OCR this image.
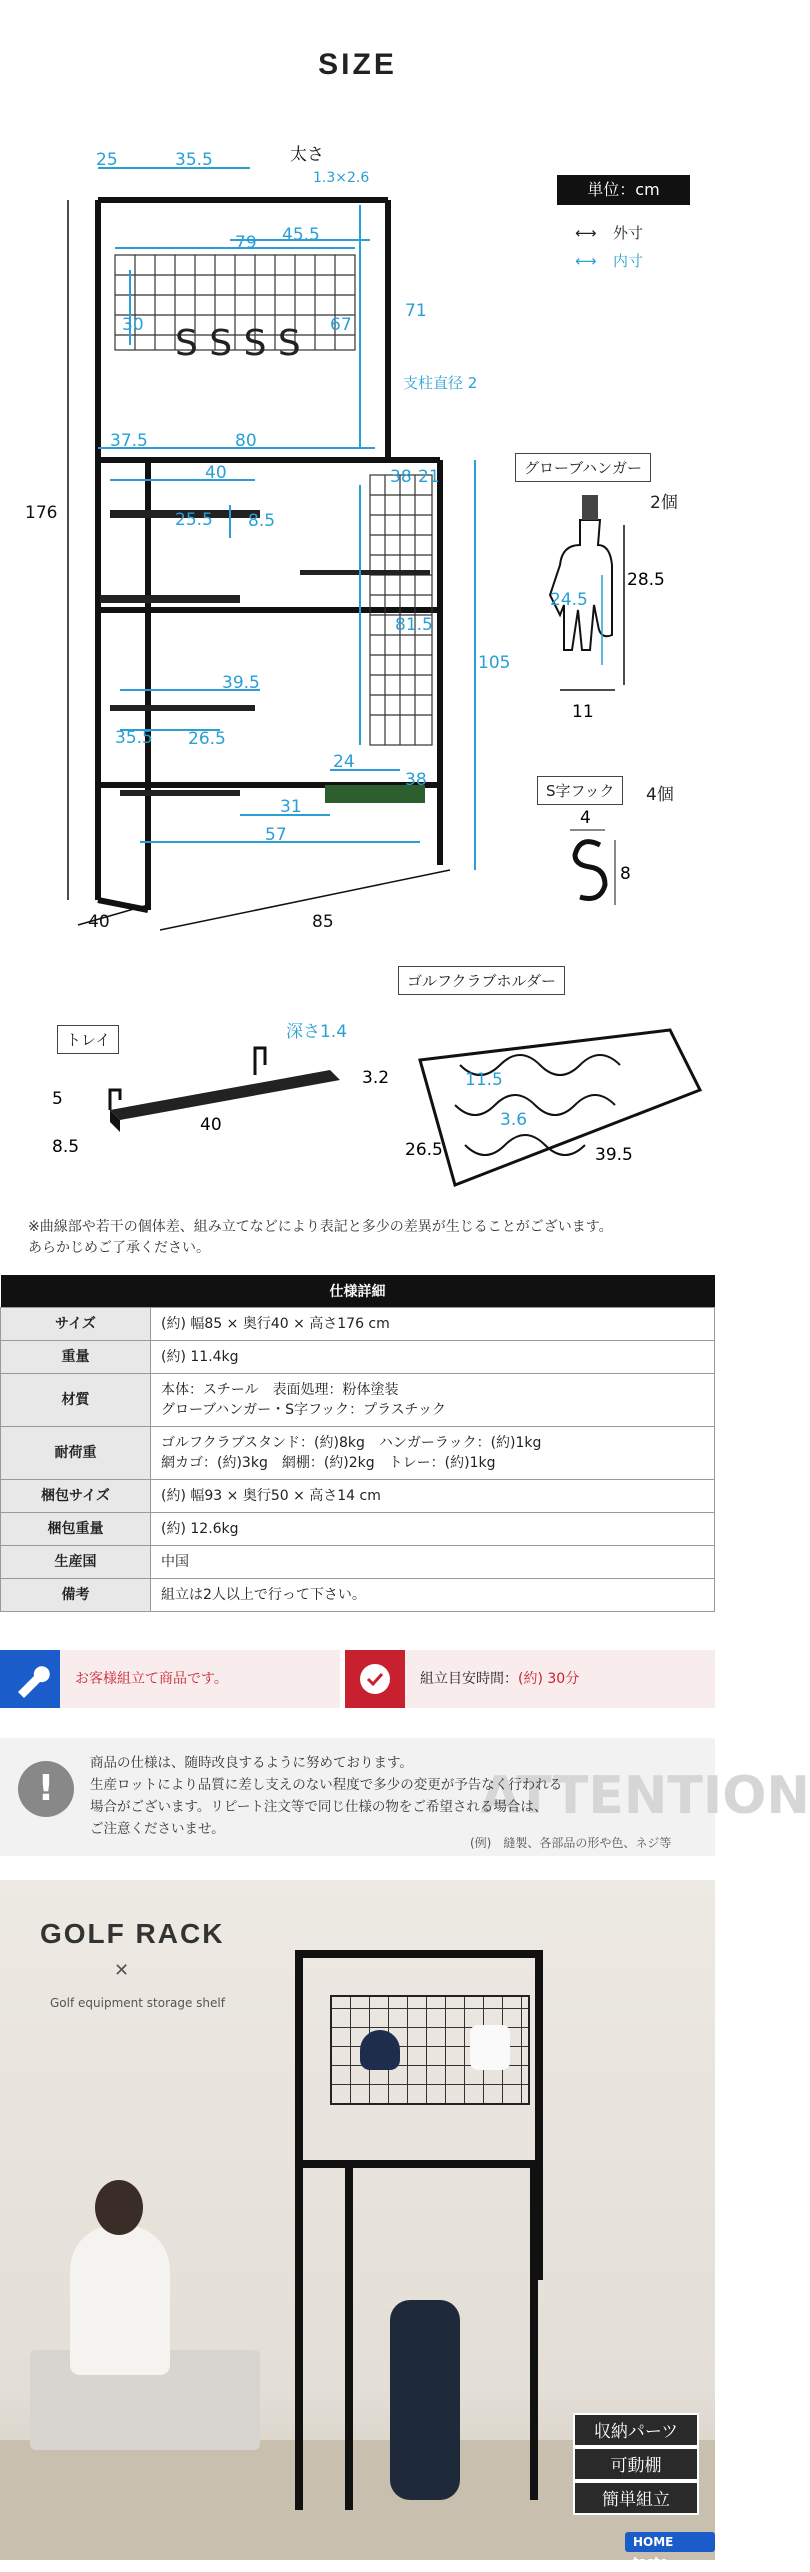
SIZE
単位：cm
⟷ 外寸
⟷ 内寸
S S S S
25	35.5
45.5
79
30	67
37.5	80
40
25.5 8.5
38 21
81.5
105
39.5
35.5 26.5
24
38
31
57
太さ
1.3×2.6
71
支柱直径 2
176
40	85
グローブハンガー
2個
28.5
24.5
11
S字フック	4個
4
8
トレイ	深さ1.4
5
8.5
40
ゴルフクラブホルダー
3.2	11.5
3.6
26.5	39.5
※曲線部や若干の個体差、組み立てなどにより表記と多少の差異が生じることがございます。
あらかじめご了承ください。
仕様詳細	
サイズ	(約) 幅85 × 奥行40 × 高さ176 cm
重量	(約) 11.4kg
材質	本体：スチール　表面処理：粉体塗装
グローブハンガー・S字フック：プラスチック
耐荷重	ゴルフクラブスタンド：(約)8kg　ハンガーラック：(約)1kg
網カゴ：(約)3kg　網棚：(約)2kg　トレー：(約)1kg
梱包サイズ	(約) 幅93 × 奥行50 × 高さ14 cm
梱包重量	(約) 12.6kg
生産国	中国
備考	組立は2人以上で行って下さい。
お客様組立て商品です。	組立目安時間：(約) 30分
!	ATTENTION
商品の仕様は、随時改良するように努めております。
生産ロットにより品質に差し支えのない程度で多少の変更が予告なく行われる
場合がございます。リピート注文等で同じ仕様の物をご希望される場合は、
ご注意くださいませ。
(例)　縫製、各部品の形や色、ネジ等
GOLF RACK
✕
Golf equipment storage shelf
収納パーツ
可動棚
簡単組立
HOME taste
